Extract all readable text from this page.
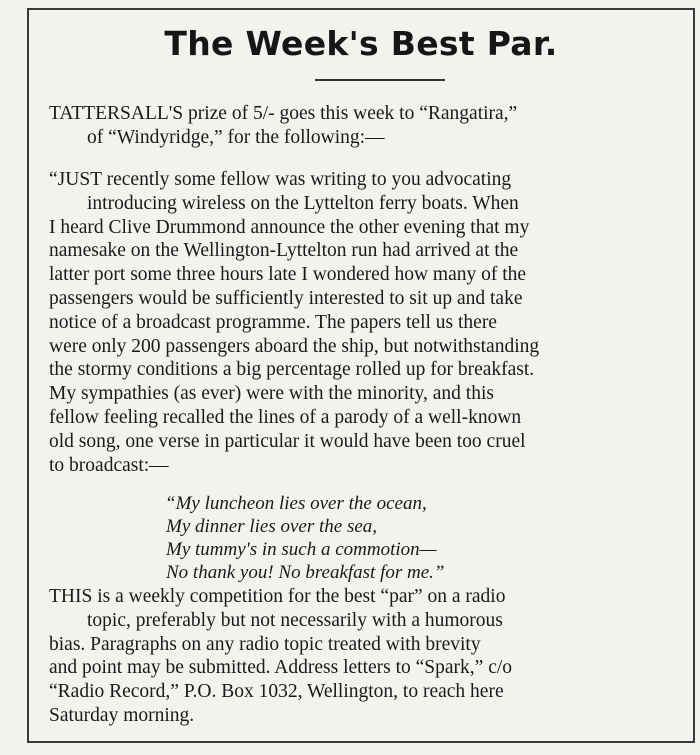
The Week's Best Par.

TATTERSALL'S prize of 5/- goes this week to “Rangatira,”
of “Windyridge,” for the following:—

“JUST recently some fellow was writing to you advocating
introducing wireless on the Lyttelton ferry boats. When
I heard Clive Drummond announce the other evening that my
namesake on the Wellington-Lyttelton run had arrived at the
latter port some three hours late I wondered how many of the
passengers would be sufficiently interested to sit up and take
notice of a broadcast programme. The papers tell us there
were only 200 passengers aboard the ship, but notwithstanding
the stormy conditions a big percentage rolled up for breakfast.
My sympathies (as ever) were with the minority, and this
fellow feeling recalled the lines of a parody of a well-known
old song, one verse in particular it would have been too cruel
to broadcast:—

“My luncheon lies over the ocean,
My dinner lies over the sea,
My tummy's in such a commotion—
No thank you! No breakfast for me.”

THIS is a weekly competition for the best “par” on a radio
topic, preferably but not necessarily with a humorous
bias. Paragraphs on any radio topic treated with brevity
and point may be submitted. Address letters to “Spark,” c/o
“Radio Record,” P.O. Box 1032, Wellington, to reach here
Saturday morning.
